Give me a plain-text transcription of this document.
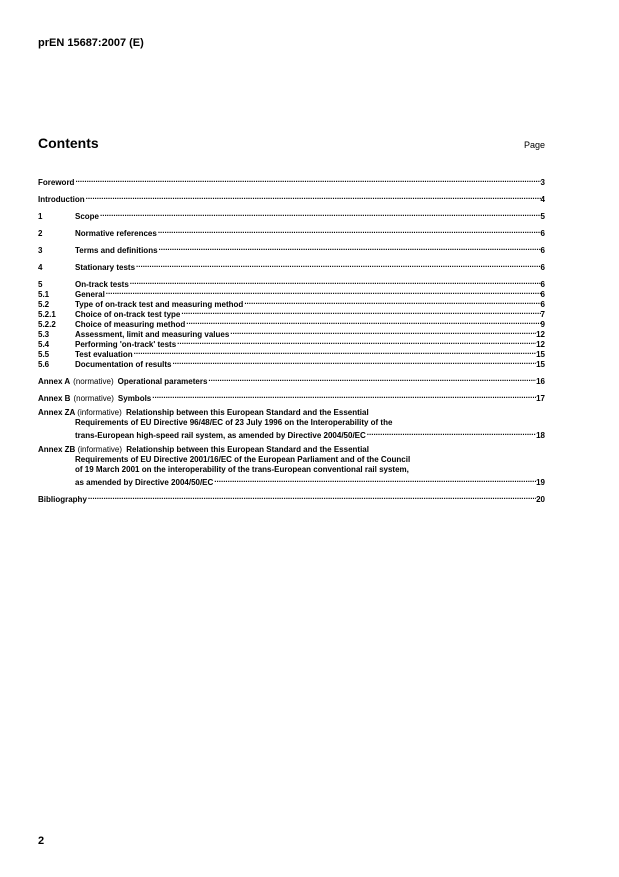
prEN 15687:2007 (E)
Contents	Page
Foreword .....	3
Introduction .....	4
1	Scope .....	5
2	Normative references .....	6
3	Terms and definitions .....	6
4	Stationary tests .....	6
5	On-track tests .....	6
5.1	General .....	6
5.2	Type of on-track test and measuring method .....	6
5.2.1	Choice of on-track test type .....	7
5.2.2	Choice of measuring method .....	9
5.3	Assessment, limit and measuring values .....	12
5.4	Performing 'on-track' tests .....	12
5.5	Test evaluation .....	15
5.6	Documentation of results .....	15
Annex A (normative) Operational parameters .....	16
Annex B (normative) Symbols .....	17
Annex ZA (informative) Relationship between this European Standard and the Essential
Requirements of EU Directive 96/48/EC of 23 July 1996 on the Interoperability of the
trans-European high-speed rail system, as amended by Directive 2004/50/EC .....	18
Annex ZB (informative) Relationship between this European Standard and the Essential
Requirements of EU Directive 2001/16/EC of the European Parliament and of the Council
of 19 March 2001 on the interoperability of the trans-European conventional rail system,
as amended by Directive 2004/50/EC .....	19
Bibliography .....	20
2
